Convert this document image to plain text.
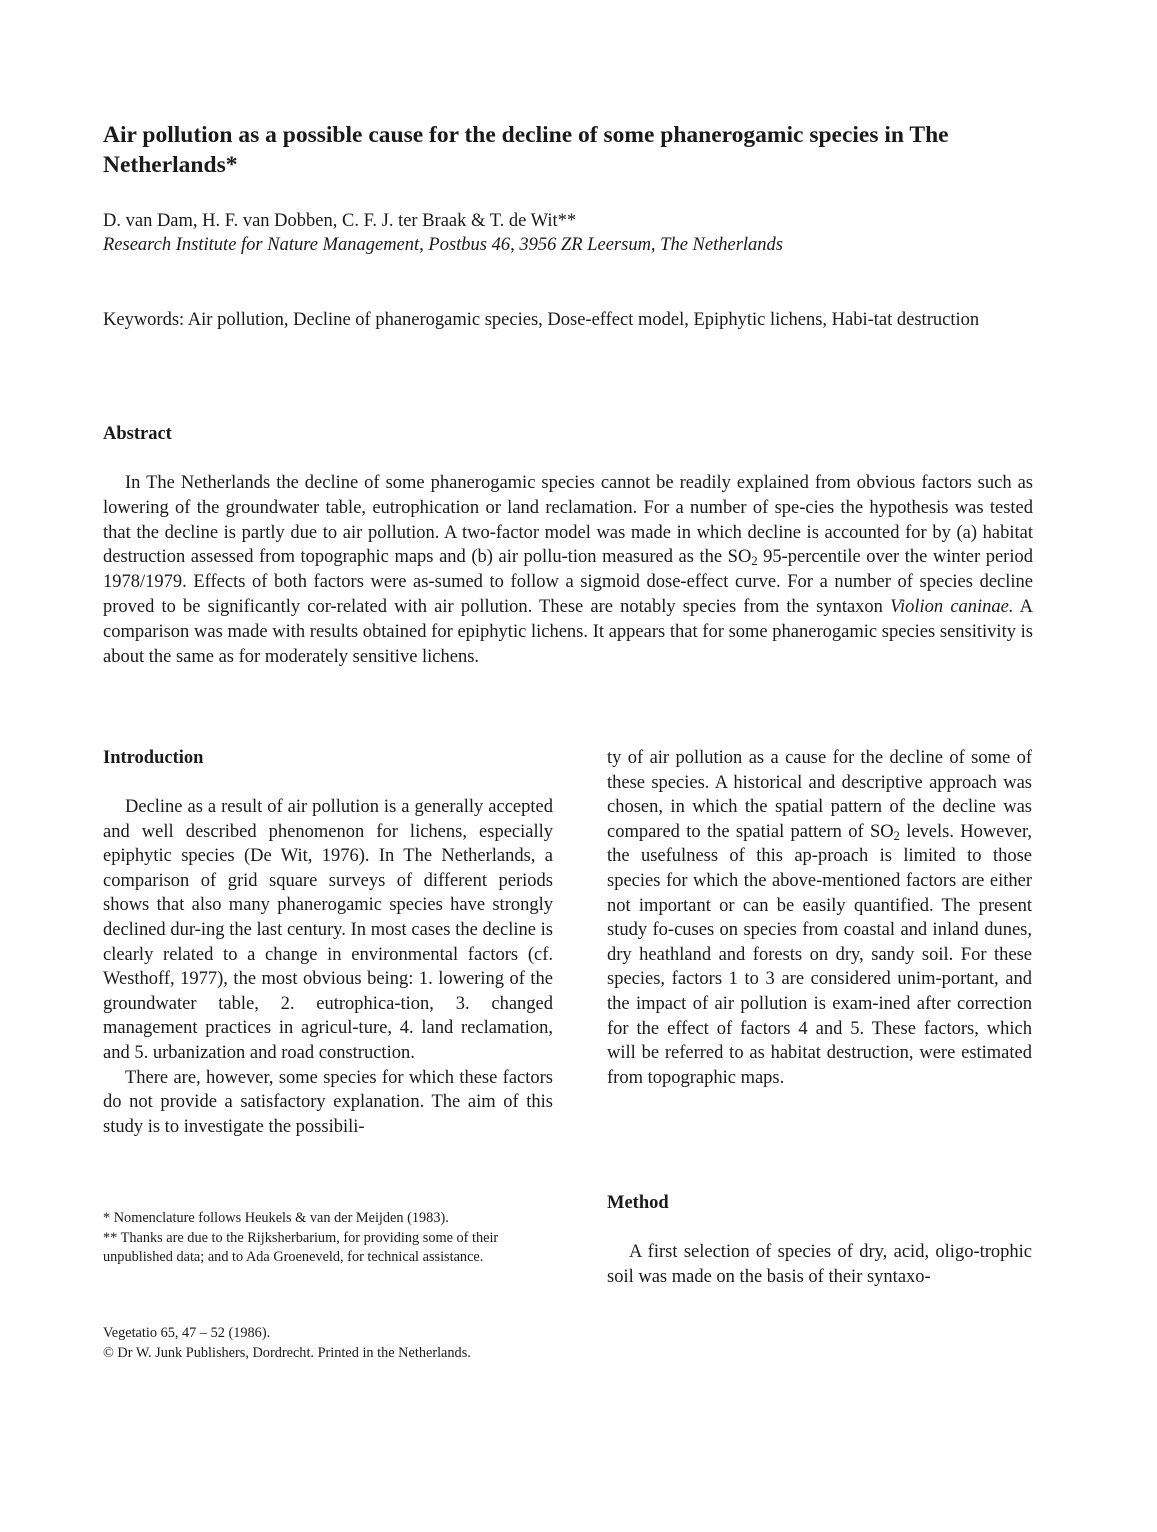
Air pollution as a possible cause for the decline of some phanerogamic species in The Netherlands*
D. van Dam, H. F. van Dobben, C. F. J. ter Braak & T. de Wit**
Research Institute for Nature Management, Postbus 46, 3956 ZR Leersum, The Netherlands
Keywords: Air pollution, Decline of phanerogamic species, Dose-effect model, Epiphytic lichens, Habi-tat destruction
Abstract

In The Netherlands the decline of some phanerogamic species cannot be readily explained from obvious factors such as lowering of the groundwater table, eutrophication or land reclamation. For a number of spe-cies the hypothesis was tested that the decline is partly due to air pollution. A two-factor model was made in which decline is accounted for by (a) habitat destruction assessed from topographic maps and (b) air pollu-tion measured as the $SO_2$ 95-percentile over the winter period 1978/1979. Effects of both factors were as-sumed to follow a sigmoid dose-effect curve. For a number of species decline proved to be significantly cor-related with air pollution. These are notably species from the syntaxon Violion caninae. A comparison was made with results obtained for epiphytic lichens. It appears that for some phanerogamic species sensitivity is about the same as for moderately sensitive lichens.

Introduction

Decline as a result of air pollution is a generally accepted and well described phenomenon for lichens, especially epiphytic species (De Wit, 1976). In The Netherlands, a comparison of grid square surveys of different periods shows that also many phanerogamic species have strongly declined dur-ing the last century. In most cases the decline is clearly related to a change in environmental factors (cf. Westhoff, 1977), the most obvious being: 1. lowering of the groundwater table, 2. eutrophica-tion, 3. changed management practices in agricul-ture, 4. land reclamation, and 5. urbanization and road construction.

There are, however, some species for which these factors do not provide a satisfactory explanation. The aim of this study is to investigate the possibili-

* Nomenclature follows Heukels & van der Meijden (1983).

** Thanks are due to the Rijksherbarium, for providing some of their unpublished data; and to Ada Groeneveld, for technical assistance.

Vegetatio 65, 47 – 52 (1986).

© Dr W. Junk Publishers, Dordrecht. Printed in the Netherlands.

ty of air pollution as a cause for the decline of some of these species. A historical and descriptive approach was chosen, in which the spatial pattern of the decline was compared to the spatial pattern of $SO_2$ levels. However, the usefulness of this ap-proach is limited to those species for which the above-mentioned factors are either not important or can be easily quantified. The present study fo-cuses on species from coastal and inland dunes, dry heathland and forests on dry, sandy soil. For these species, factors 1 to 3 are considered unim-portant, and the impact of air pollution is exam-ined after correction for the effect of factors 4 and 5. These factors, which will be referred to as habitat destruction, were estimated from topographic maps.

Method

A first selection of species of dry, acid, oligo-trophic soil was made on the basis of their syntaxo-
